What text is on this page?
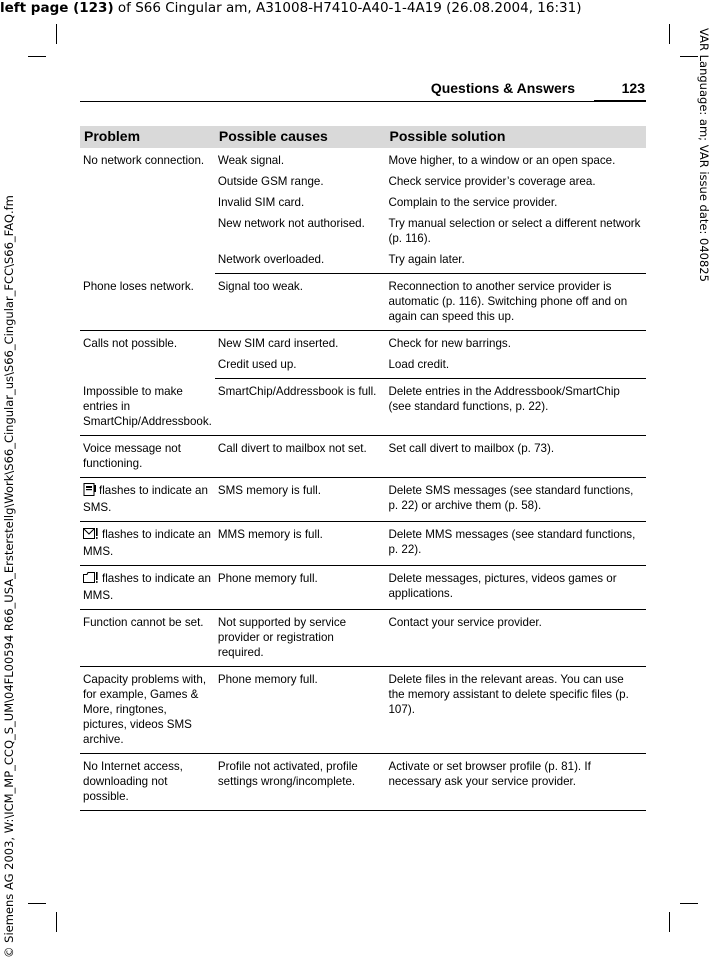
left page (123) of S66 Cingular am, A31008-H7410-A40-1-4A19 (26.08.2004, 16:31)
VAR Language: am; VAR issue date: 040825
© Siemens AG 2003, W:\ICM_MP_CCQ_S_UM\04FL00594 R66_USA_Ersterstellg\Work\S66_Cingular_us\S66_Cingular_FCC\S66_FAQ.fm
Questions & Answers	123
Problem	Possible causes	Possible solution
No network connection.	Weak signal.	Move higher, to a window or an open space.
	Outside GSM range.	Check service provider’s coverage area.
	Invalid SIM card.	Complain to the service provider.
	New network not authorised.	Try manual selection or select a different network (p. 116).
	Network overloaded.	Try again later.
Phone loses network.	Signal too weak.	Reconnection to another service provider is automatic (p. 116). Switching phone off and on again can speed this up.
Calls not possible.	New SIM card inserted.	Check for new barrings.
	Credit used up.	Load credit.
Impossible to make entries in SmartChip/Addressbook.	SmartChip/Addressbook is full.	Delete entries in the Addressbook/SmartChip (see standard functions, p. 22).
Voice message not functioning.	Call divert to mailbox not set.	Set call divert to mailbox (p. 73).
flashes to indicate an SMS.	SMS memory is full.	Delete SMS messages (see standard functions, p. 22) or archive them (p. 58).
flashes to indicate an MMS.	MMS memory is full.	Delete MMS messages (see standard functions, p. 22).
flashes to indicate an MMS.	Phone memory full.	Delete messages, pictures, videos games or applications.
Function cannot be set.	Not supported by service provider or registration required.	Contact your service provider.
Capacity problems with, for example, Games & More, ringtones, pictures, videos SMS archive.	Phone memory full.	Delete files in the relevant areas. You can use the memory assistant to delete specific files (p. 107).
No Internet access, downloading not possible.	Profile not activated, profile settings wrong/incomplete.	Activate or set browser profile (p. 81). If necessary ask your service provider.
